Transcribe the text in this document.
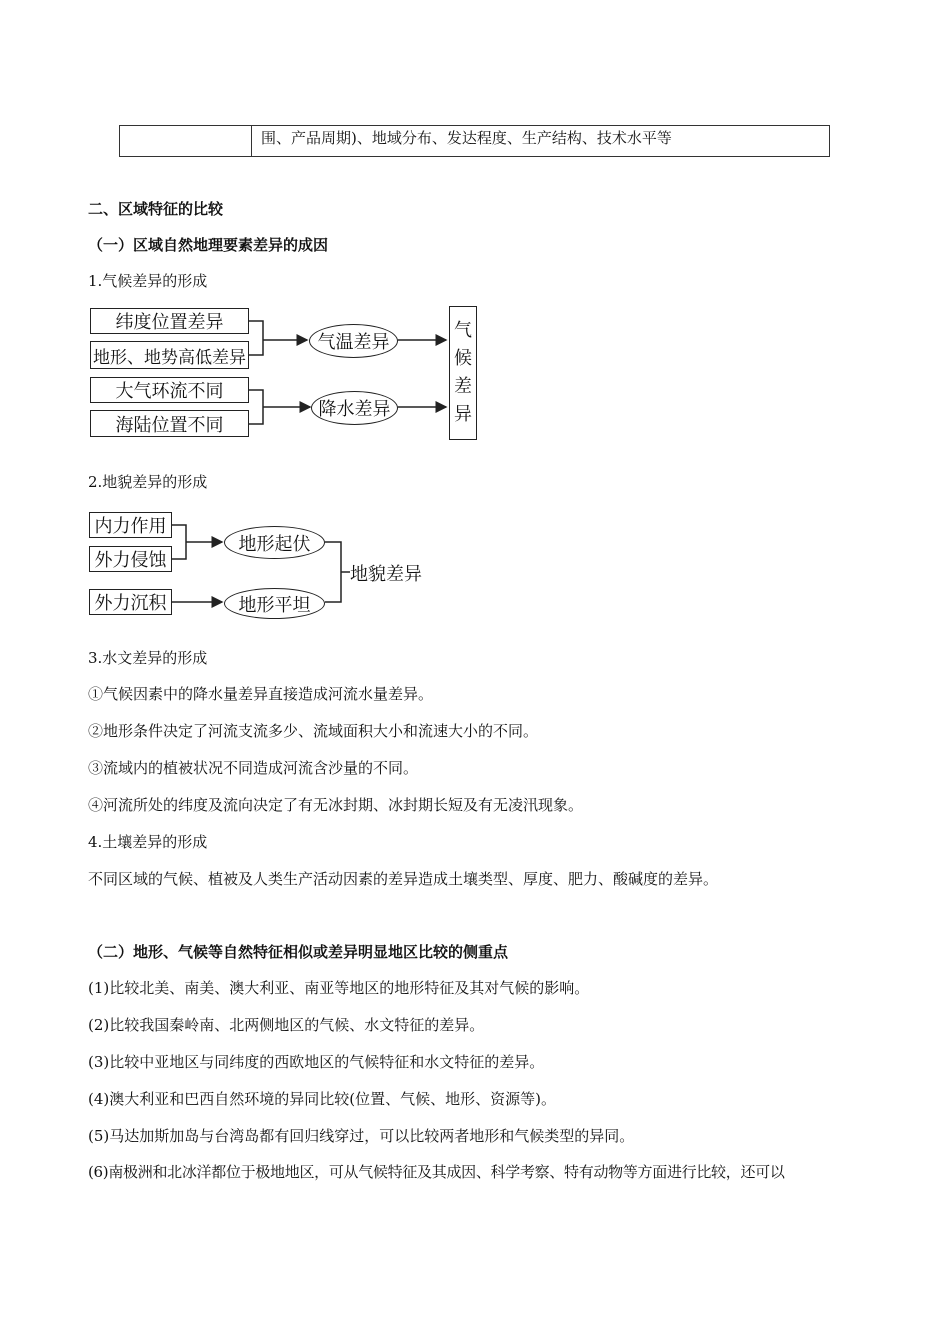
围、产品周期)、地域分布、发达程度、生产结构、技术水平等
二、区域特征的比较
（一）区域自然地理要素差异的成因
1.气候差异的形成
纬度位置差异
地形、地势高低差异
大气环流不同
海陆位置不同
气温差异
降水差异
气
候
差
异
2.地貌差异的形成
内力作用
外力侵蚀
外力沉积
地形起伏
地形平坦
地貌差异
3.水文差异的形成
①气候因素中的降水量差异直接造成河流水量差异。
②地形条件决定了河流支流多少、流域面积大小和流速大小的不同。
③流域内的植被状况不同造成河流含沙量的不同。
④河流所处的纬度及流向决定了有无冰封期、冰封期长短及有无凌汛现象。
4.土壤差异的形成
不同区域的气候、植被及人类生产活动因素的差异造成土壤类型、厚度、肥力、酸碱度的差异。
（二）地形、气候等自然特征相似或差异明显地区比较的侧重点
(1)比较北美、南美、澳大利亚、南亚等地区的地形特征及其对气候的影响。
(2)比较我国秦岭南、北两侧地区的气候、水文特征的差异。
(3)比较中亚地区与同纬度的西欧地区的气候特征和水文特征的差异。
(4)澳大利亚和巴西自然环境的异同比较(位置、气候、地形、资源等)。
(5)马达加斯加岛与台湾岛都有回归线穿过，可以比较两者地形和气候类型的异同。
(6)南极洲和北冰洋都位于极地地区，可从气候特征及其成因、科学考察、特有动物等方面进行比较，还可以
